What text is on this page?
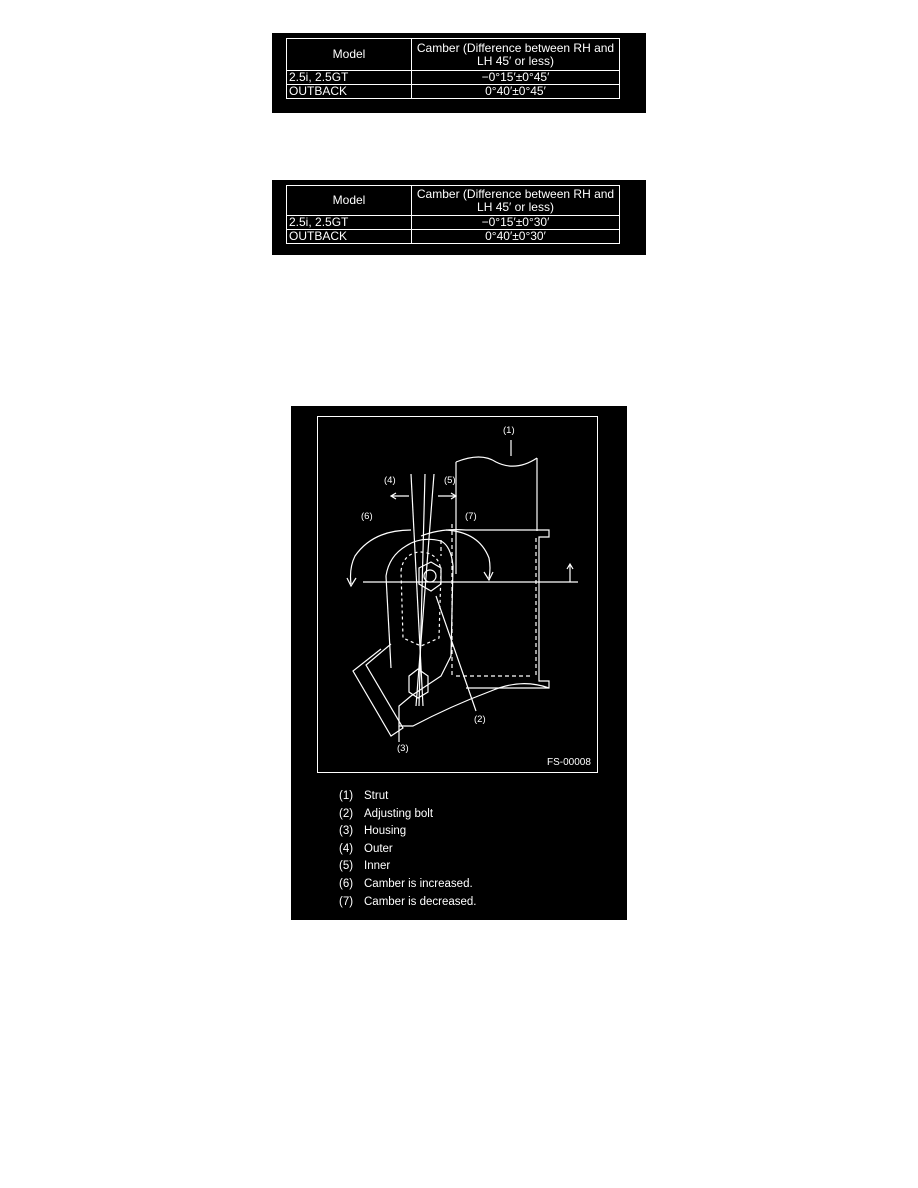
Model	Camber (Difference between RH and LH 45′ or less)
2.5i, 2.5GT	−0°15′±0°45′
OUTBACK	0°40′±0°45′
Model	Camber (Difference between RH and LH 45′ or less)
2.5i, 2.5GT	−0°15′±0°30′
OUTBACK	0°40′±0°30′
(1)
(4)	(5)
(6)	(7)
(2)
(3)
FS-00008
(1) Strut
(2) Adjusting bolt
(3) Housing
(4) Outer
(5) Inner
(6) Camber is increased.
(7) Camber is decreased.
